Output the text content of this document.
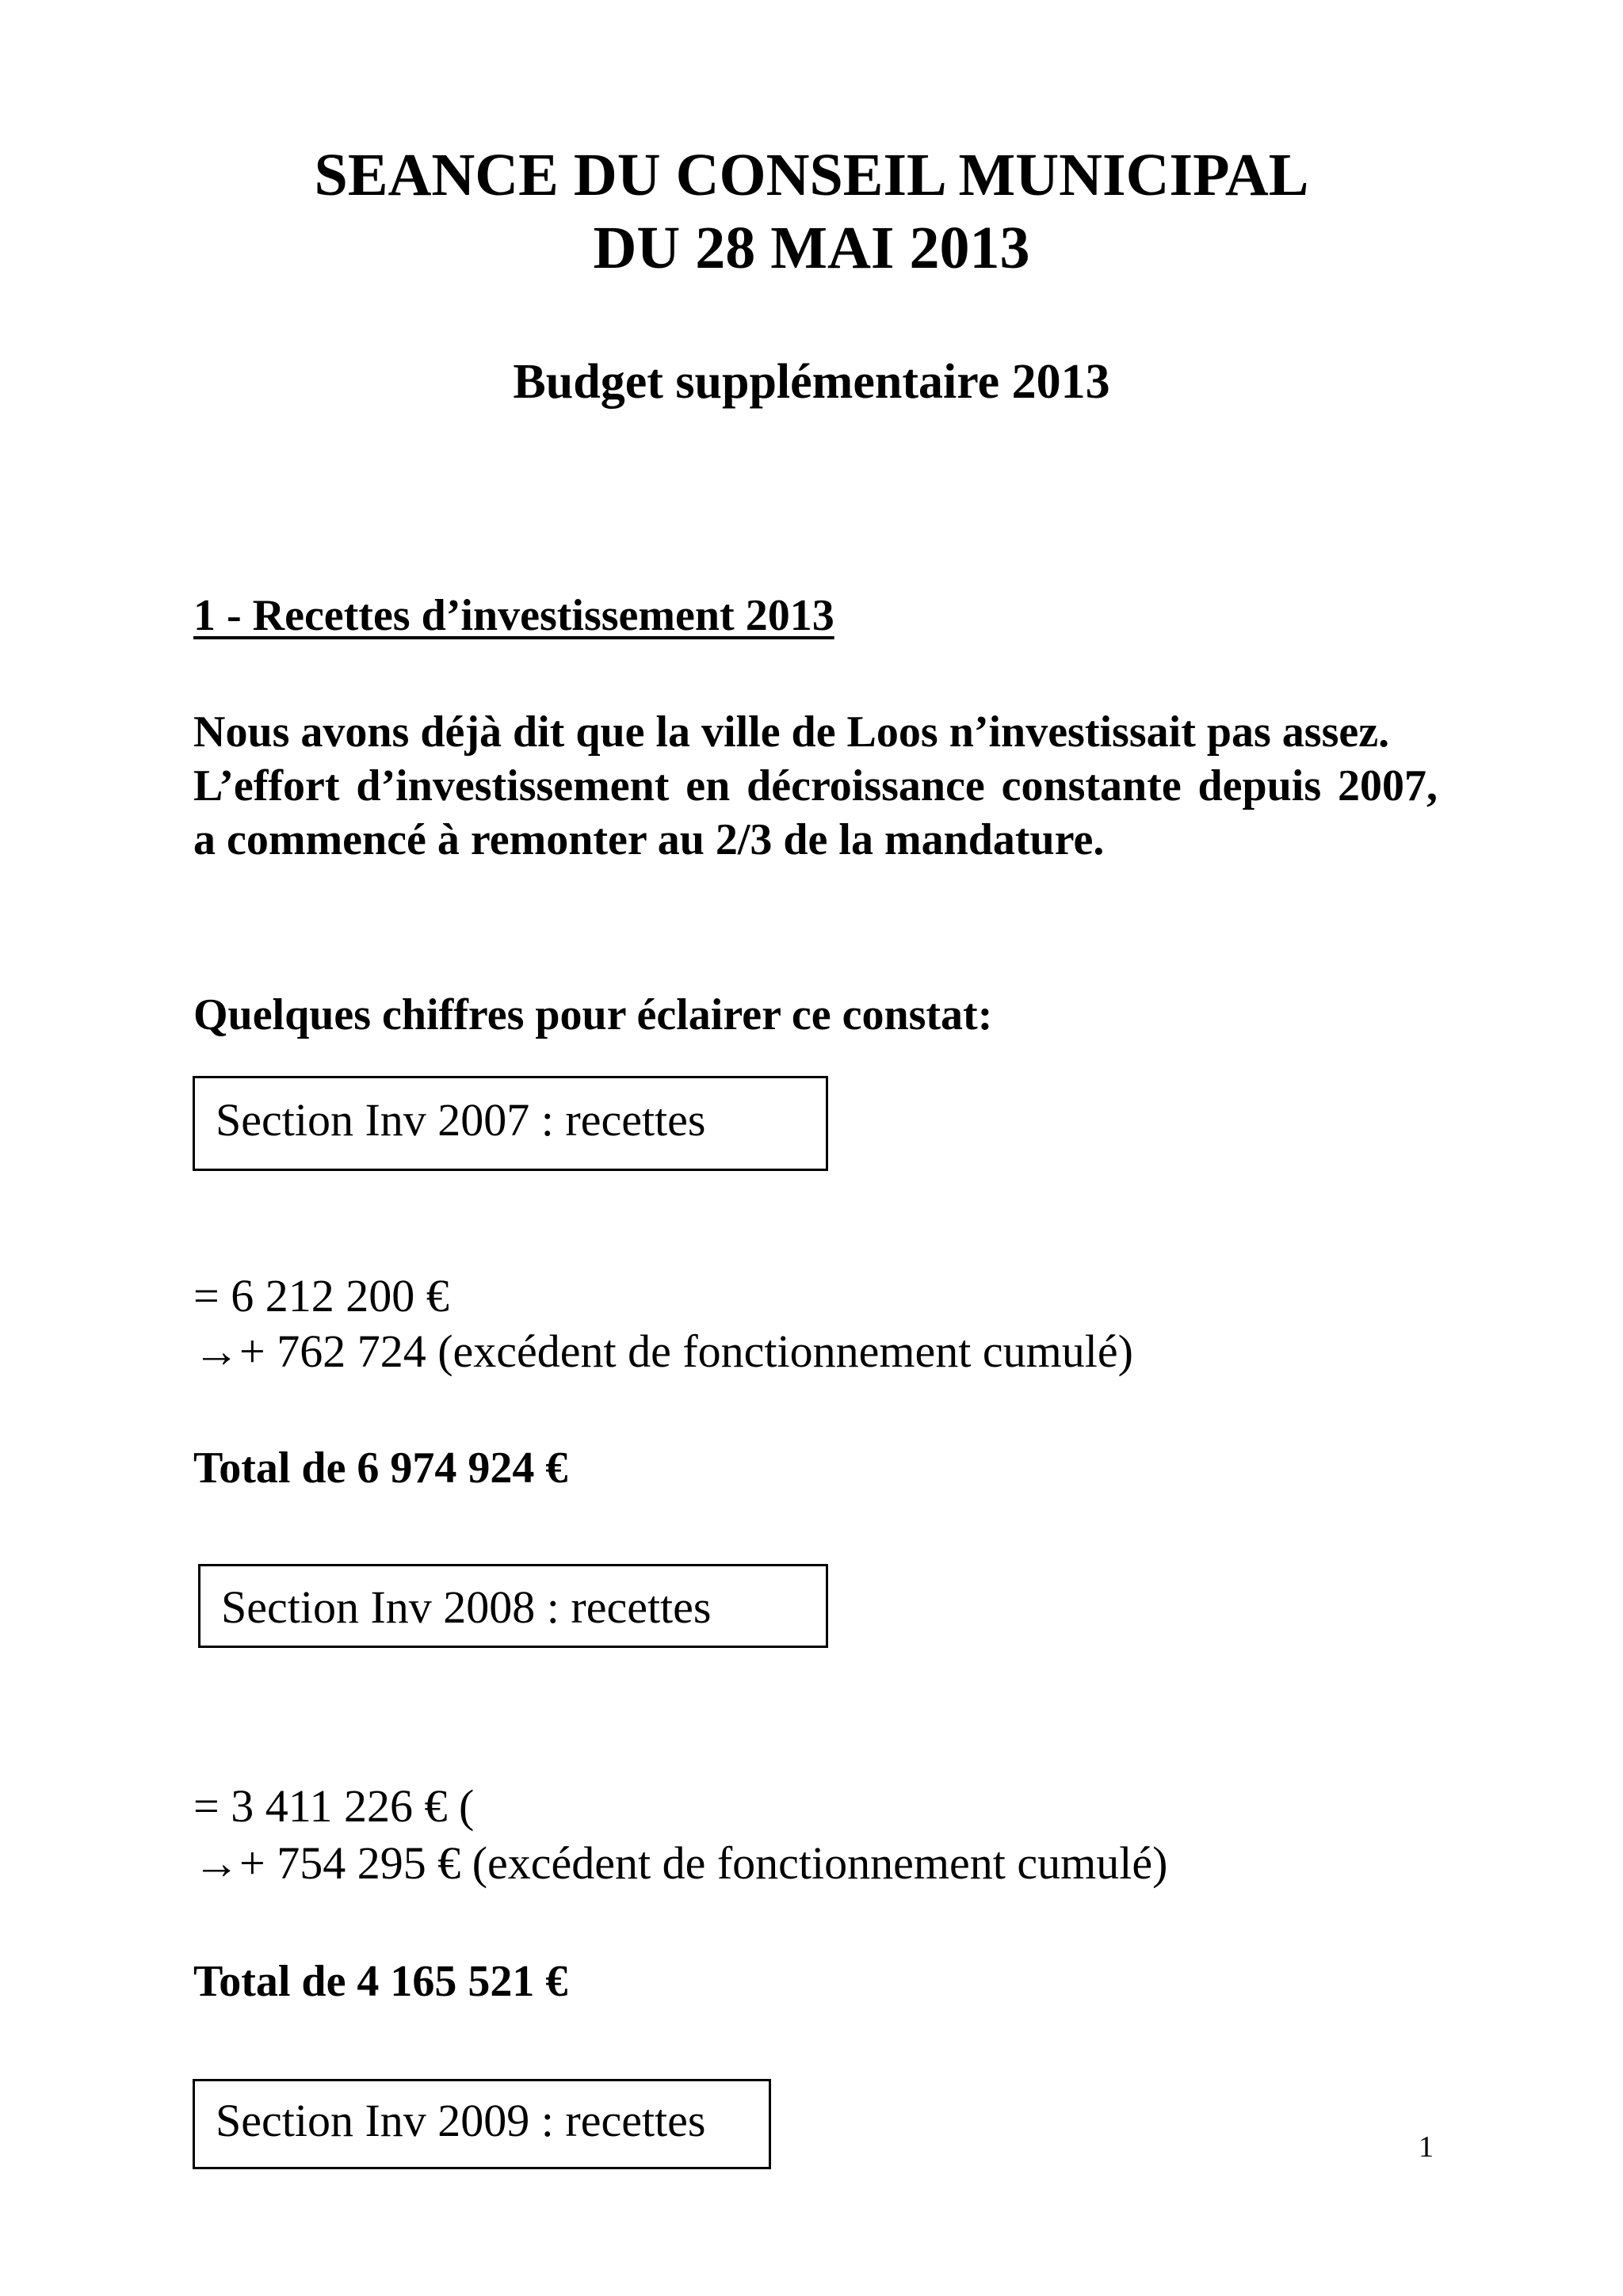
SEANCE DU CONSEIL MUNICIPAL
DU 28 MAI 2013
Budget supplémentaire 2013
1 - Recettes d’investissement 2013

Nous avons déjà dit que la ville de Loos n’investissait pas assez.

L’effort d’investissement en décroissance constante depuis 2007, a commencé à remonter au 2/3 de la mandature.

Quelques chiffres pour éclairer ce constat:
Section Inv 2007 : recettes
= 6 212 200 €
→+ 762 724 (excédent de fonctionnement cumulé)
Total de 6 974 924 €
Section Inv 2008 : recettes
= 3 411 226 € (
→+ 754 295 € (excédent de fonctionnement cumulé)
Total de 4 165 521 €
Section Inv 2009 : recettes
1
